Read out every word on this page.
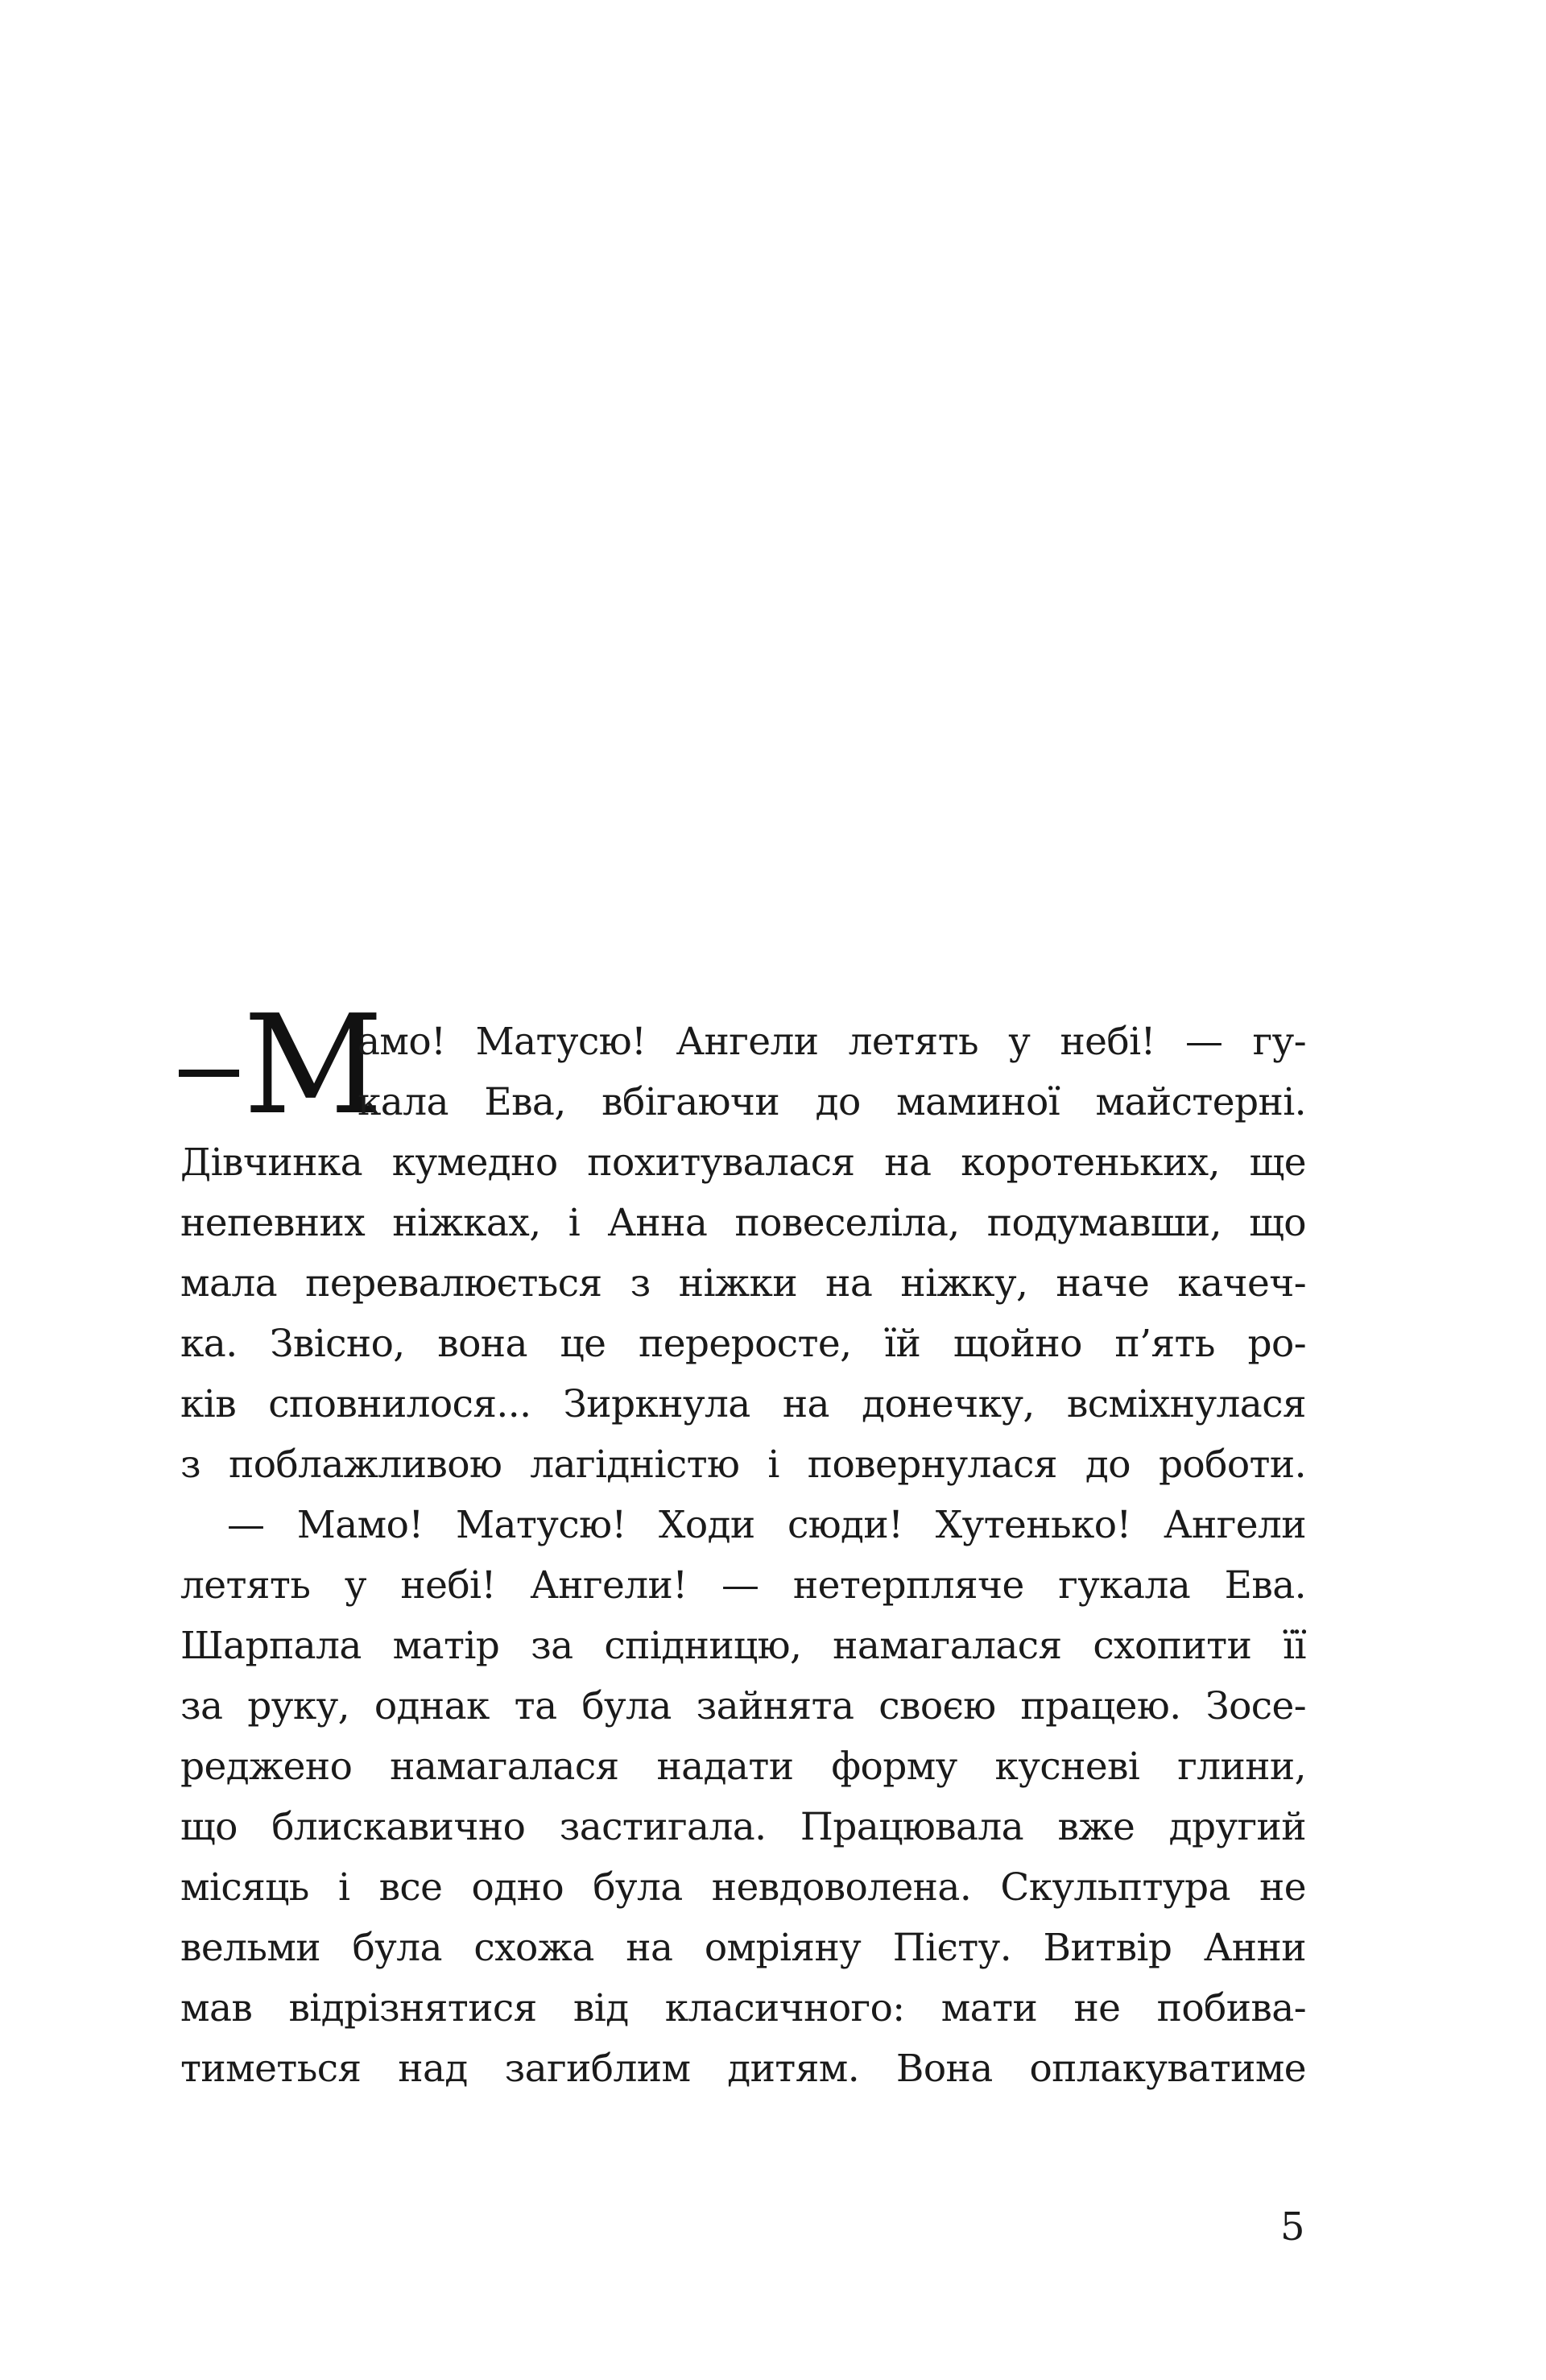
М
амо! Матусю! Ангели летять у небі! — гу-
кала Ева, вбігаючи до маминої майстерні.
Дівчинка кумедно похитувалася на коротеньких, ще
непевних ніжках, і Анна повеселіла, подумавши, що
мала перевалюється з ніжки на ніжку, наче качеч-
ка. Звісно, вона це переросте, їй щойно п’ять ро-
ків сповнилося... Зиркнула на донечку, всміхнулася
з поблажливою лагідністю і повернулася до роботи.
— Мамо! Матусю! Ходи сюди! Хутенько! Ангели
летять у небі! Ангели! — нетерпляче гукала Ева.
Шарпала матір за спідницю, намагалася схопити її
за руку, однак та була зайнята своєю працею. Зосе-
реджено намагалася надати форму кусневі глини,
що блискавично застигала. Працювала вже другий
місяць і все одно була невдоволена. Скульптура не
вельми була схожа на омріяну Пієту. Витвір Анни
мав відрізнятися від класичного: мати не побива-
тиметься над загиблим дитям. Вона оплакуватиме
5
